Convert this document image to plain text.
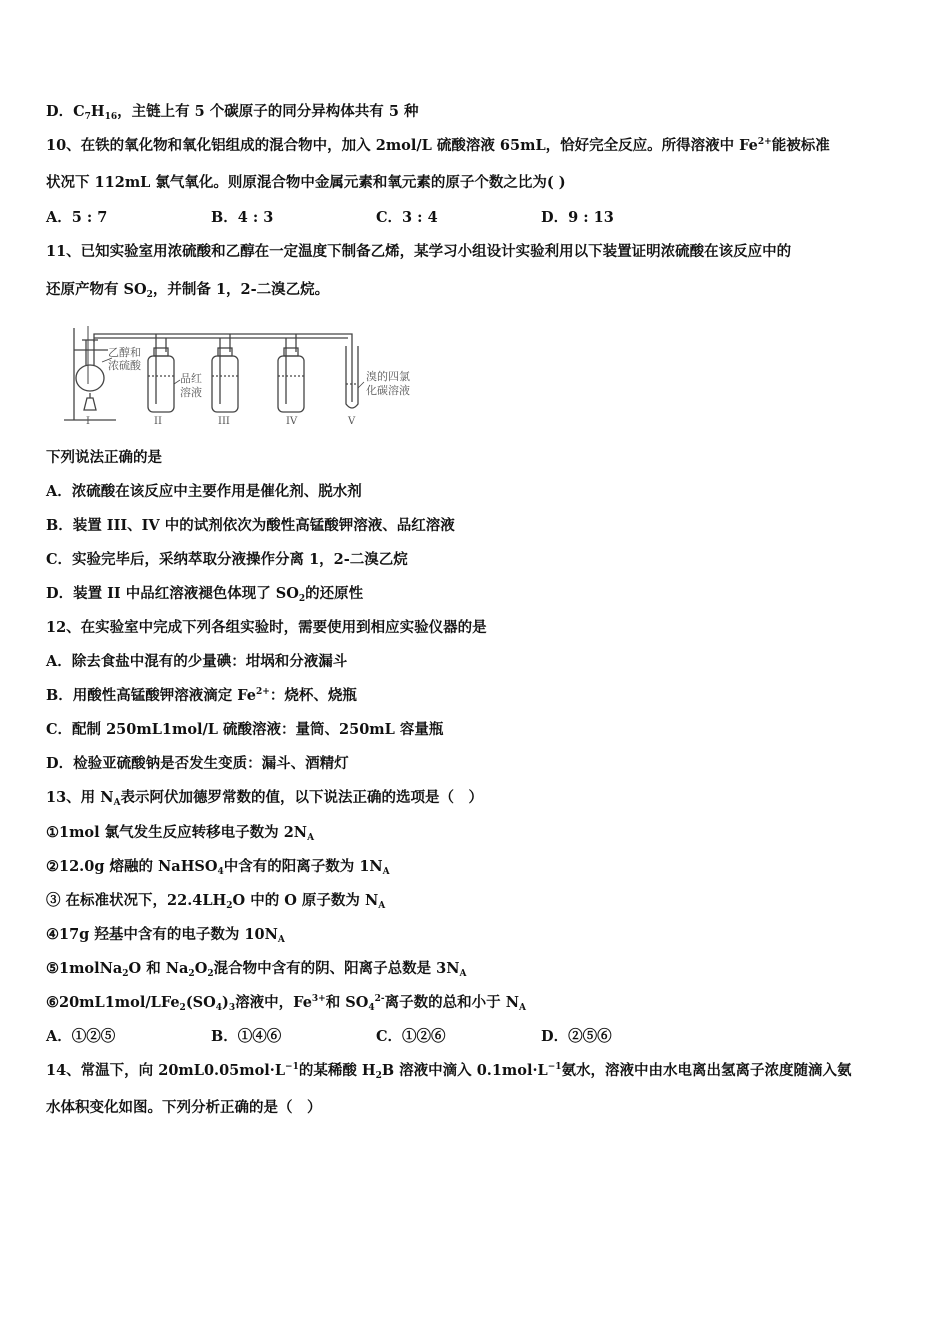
D．$C_7H_{16}$，主链上有 5 个碳原子的同分异构体共有 5 种
10、在铁的氧化物和氧化铝组成的混合物中，加入 2mol/L 硫酸溶液 65mL，恰好完全反应。所得溶液中 $Fe^{2+}$能被标准
状况下 112mL 氯气氧化。则原混合物中金属元素和氧元素的原子个数之比为( )
A．5 : 7	B．4 : 3	C．3 : 4	D．9 : 13
11、已知实验室用浓硫酸和乙醇在一定温度下制备乙烯，某学习小组设计实验利用以下装置证明浓硫酸在该反应中的
还原产物有 $SO_2$，并制备 1，2-二溴乙烷。
乙醇和
浓硫酸
品红
溶液
溴的四氯
化碳溶液
I	II	III	IV	V
下列说法正确的是
A．浓硫酸在该反应中主要作用是催化剂、脱水剂
B．装置 III、IV 中的试剂依次为酸性高锰酸钾溶液、品红溶液
C．实验完毕后，采纳萃取分液操作分离 1，2-二溴乙烷
D．装置 II 中品红溶液褪色体现了 $SO_2$的还原性
12、在实验室中完成下列各组实验时，需要使用到相应实验仪器的是
A．除去食盐中混有的少量碘：坩埚和分液漏斗
B．用酸性高锰酸钾溶液滴定 $Fe^{2+}$：烧杯、烧瓶
C．配制 250mL1mol/L 硫酸溶液：量筒、250mL 容量瓶
D．检验亚硫酸钠是否发生变质：漏斗、酒精灯
13、用 $N_A$表示阿伏加德罗常数的值，以下说法正确的选项是（　）
①1mol 氯气发生反应转移电子数为 $2N_A$
②12.0g 熔融的 NaHSO$_4$中含有的阳离子数为 $1N_A$
③ 在标准状况下，$22.4LH_2O$ 中的 O 原子数为 $N_A$
④17g 羟基中含有的电子数为 $10N_A$
⑤1molNa$_2$O 和 $Na_2O_2$混合物中含有的阴、阳离子总数是 $3N_A$
$⑥20mL1mol/LFe_2(SO_4)_3$溶液中，$Fe^{3+}$和 $SO_4^{2-}$离子数的总和小于 $N_A$
A．①②⑤	B．①④⑥	C．①②⑥	D．②⑤⑥
14、常温下，向 $20mL0.05mol\cdot L^{-1}$的某稀酸 $H_2B$ 溶液中滴入 $0.1mol\cdot L^{-1}$氨水，溶液中由水电离出氢离子浓度随滴入氨
水体积变化如图。下列分析正确的是（　）
